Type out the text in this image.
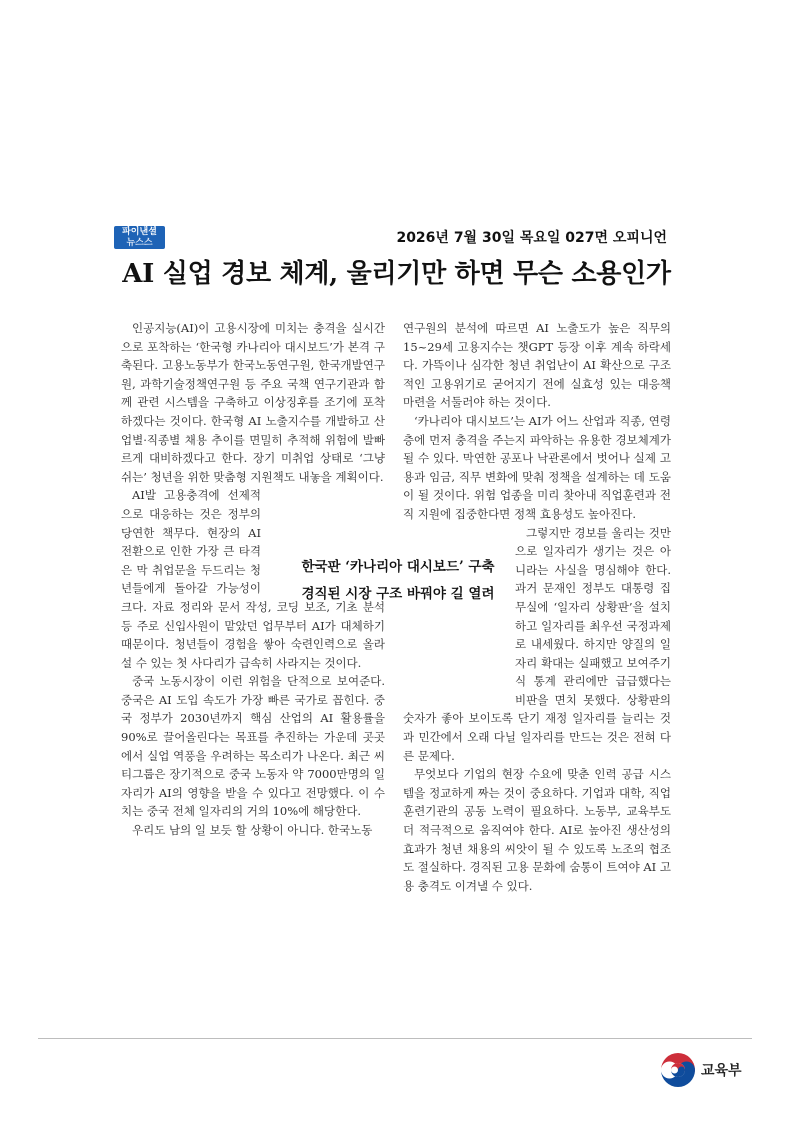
파이낸셜
뉴스스	2026년 7월 30일 목요일 027면 오피니언
AI 실업 경보 체계, 울리기만 하면 무슨 소용인가

인공지능(AI)이 고용시장에 미치는 충격을 실시간으로 포착하는 ‘한국형 카나리아 대시보드’가 본격 구축된다. 고용노동부가 한국노동연구원, 한국개발연구원, 과학기술정책연구원 등 주요 국책 연구기관과 함께 관련 시스템을 구축하고 이상징후를 조기에 포착하겠다는 것이다. 한국형 AI 노출지수를 개발하고 산업별·직종별 채용 추이를 면밀히 추적해 위험에 발빠르게 대비하겠다고 한다. 장기 미취업 상태로 ‘그냥 쉬는’ 청년을 위한 맞춤형 지원책도 내놓을 계획이다.

AI발 고용충격에 선제적으로 대응하는 것은 정부의 당연한 책무다. 현장의 AI 전환으로 인한 가장 큰 타격은 막 취업문을 두드리는 청년들에게 돌아갈 가능성이 크다. 자료 정리와 문서 작성, 코딩 보조, 기초 분석 등 주로 신입사원이 맡았던 업무부터 AI가 대체하기 때문이다. 청년들이 경험을 쌓아 숙련인력으로 올라설 수 있는 첫 사다리가 급속히 사라지는 것이다.

중국 노동시장이 이런 위험을 단적으로 보여준다. 중국은 AI 도입 속도가 가장 빠른 국가로 꼽힌다. 중국 정부가 2030년까지 핵심 산업의 AI 활용률을 90%로 끌어올린다는 목표를 추진하는 가운데 곳곳에서 실업 역풍을 우려하는 목소리가 나온다. 최근 씨티그룹은 장기적으로 중국 노동자 약 7000만명의 일자리가 AI의 영향을 받을 수 있다고 전망했다. 이 수치는 중국 전체 일자리의 거의 10%에 해당한다.

우리도 남의 일 보듯 할 상황이 아니다. 한국노동

연구원의 분석에 따르면 AI 노출도가 높은 직무의 15~29세 고용지수는 챗GPT 등장 이후 계속 하락세다. 가뜩이나 심각한 청년 취업난이 AI 확산으로 구조적인 고용위기로 굳어지기 전에 실효성 있는 대응책 마련을 서둘러야 하는 것이다.

‘카나리아 대시보드’는 AI가 어느 산업과 직종, 연령층에 먼저 충격을 주는지 파악하는 유용한 경보체계가 될 수 있다. 막연한 공포나 낙관론에서 벗어나 실제 고용과 임금, 직무 변화에 맞춰 정책을 설계하는 데 도움이 될 것이다. 위험 업종을 미리 찾아내 직업훈련과 전직 지원에 집중한다면 정책 효용성도 높아진다.

그렇지만 경보를 울리는 것만으로 일자리가 생기는 것은 아니라는 사실을 명심해야 한다. 과거 문재인 정부도 대통령 집무실에 ‘일자리 상황판’을 설치하고 일자리를 최우선 국정과제로 내세웠다. 하지만 양질의 일자리 확대는 실패했고 보여주기식 통계 관리에만 급급했다는 비판을 면치 못했다. 상황판의 숫자가 좋아 보이도록 단기 재정 일자리를 늘리는 것과 민간에서 오래 다닐 일자리를 만드는 것은 전혀 다른 문제다.

무엇보다 기업의 현장 수요에 맞춘 인력 공급 시스템을 정교하게 짜는 것이 중요하다. 기업과 대학, 직업훈련기관의 공동 노력이 필요하다. 노동부, 교육부도 더 적극적으로 움직여야 한다. AI로 높아진 생산성의 효과가 청년 채용의 씨앗이 될 수 있도록 노조의 협조도 절실하다. 경직된 고용 문화에 숨통이 트여야 AI 고용 충격도 이겨낼 수 있다.

한국판 ‘카나리아 대시보드’ 구축
경직된 시장 구조 바꿔야 길 열려
교육부
